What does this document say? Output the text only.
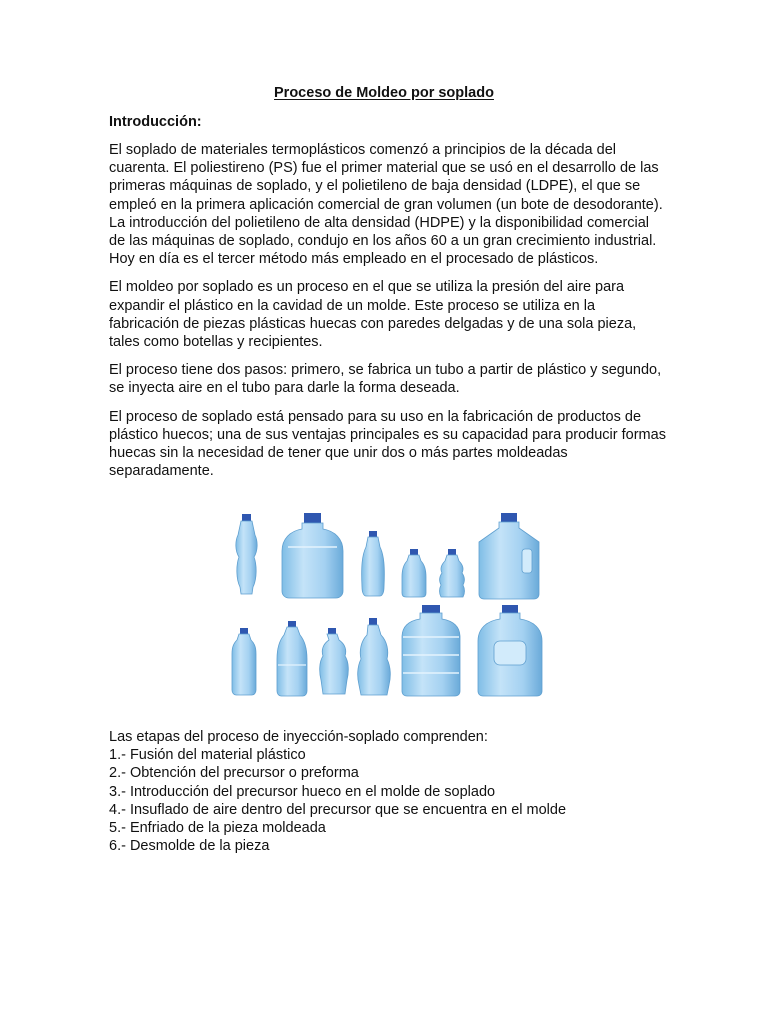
Proceso de Moldeo por soplado
Introducción:

El soplado de materiales termoplásticos comenzó a principios de la década del cuarenta. El poliestireno (PS) fue el primer material que se usó en el desarrollo de las primeras máquinas de soplado, y el polietileno de baja densidad (LDPE), el que se empleó en la primera aplicación comercial de gran volumen (un bote de desodorante). La introducción del polietileno de alta densidad (HDPE) y la disponibilidad comercial de las máquinas de soplado, condujo en los años 60 a un gran crecimiento industrial. Hoy en día es el tercer método más empleado en el procesado de plásticos.

El moldeo por soplado es un proceso en el que se utiliza la presión del aire para expandir el plástico en la cavidad de un molde. Este proceso se utiliza en la fabricación de piezas plásticas huecas con paredes delgadas y de una sola pieza, tales como botellas y recipientes.

El proceso tiene dos pasos: primero, se fabrica un tubo a partir de plástico y segundo, se inyecta aire en el tubo para darle la forma deseada.

El proceso de soplado está pensado para su uso en la fabricación de productos de plástico huecos; una de sus ventajas principales es su capacidad para producir formas huecas sin la necesidad de tener que unir dos o más partes moldeadas separadamente.

Las etapas del proceso de inyección-soplado comprenden:
1.- Fusión del material plástico
2.- Obtención del precursor o preforma
3.- Introducción del precursor hueco en el molde de soplado
4.- Insuflado de aire dentro del precursor que se encuentra en el molde
5.- Enfriado de la pieza moldeada
6.- Desmolde de la pieza
